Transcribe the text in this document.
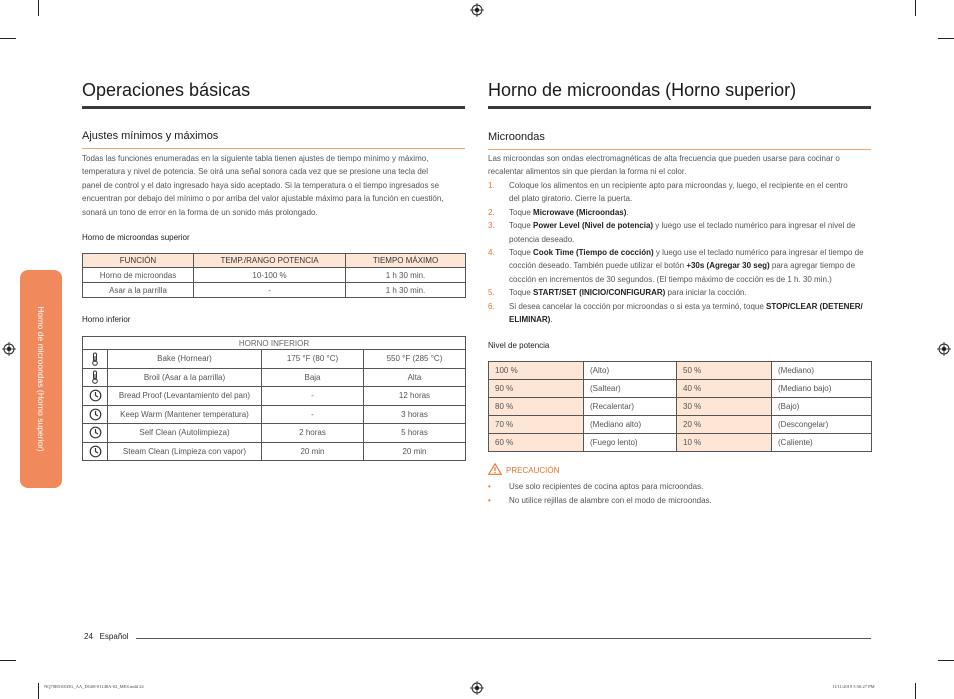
Horno de microondas (Horno superior)
Operaciones básicas
Ajustes mínimos y máximos
Todas las funciones enumeradas en la siguiente tabla tienen ajustes de tiempo mínimo y máximo,
temperatura y nivel de potencia. Se oirá una señal sonora cada vez que se presione una tecla del
panel de control y el dato ingresado haya sido aceptado. Si la temperatura o el tiempo ingresados se
encuentran por debajo del mínimo o por arriba del valor ajustable máximo para la función en cuestión,
sonará un tono de error en la forma de un sonido más prolongado.
Horno de microondas superior
FUNCIÓN	TEMP./RANGO POTENCIA	TIEMPO MÁXIMO
Horno de microondas	10-100 %	1 h 30 min.
Asar a la parrilla	-	1 h 30 min.
Horno inferior
HORNO INFERIOR			

	Bake (Hornear)	175 °F (80 °C)	550 °F (285 °C)

	Broil (Asar a la parrilla)	Baja	Alta

	Bread Proof (Levantamiento del pan)	-	12 horas

	Keep Warm (Mantener temperatura)	-	3 horas

	Self Clean (Autolimpieza)	2 horas	5 horas

	Steam Clean (Limpieza con vapor)	20 min	20 min
Horno de microondas (Horno superior)
Microondas
Las microondas son ondas electromagnéticas de alta frecuencia que pueden usarse para cocinar o
recalentar alimentos sin que pierdan la forma ni el color.
1. Coloque los alimentos en un recipiente apto para microondas y, luego, el recipiente en el centro
del plato giratorio. Cierre la puerta.
2. Toque Microwave (Microondas).
3. Toque Power Level (Nivel de potencia) y luego use el teclado numérico para ingresar el nivel de
potencia deseado.
4. Toque Cook Time (Tiempo de cocción) y luego use el teclado numérico para ingresar el tiempo de
cocción deseado. También puede utilizar el botón +30s (Agregar 30 seg) para agregar tiempo de
cocción en incrementos de 30 segundos. (El tiempo máximo de cocción es de 1 h. 30 min.)
5. Toque START/SET (INICIO/CONFIGURAR) para iniciar la cocción.
6. Si desea cancelar la cocción por microondas o si esta ya terminó, toque STOP/CLEAR (DETENER/
ELIMINAR).
Nivel de potencia
100 %	(Alto)	50 %	(Mediano)
90 %	(Saltear)	40 %	(Mediano bajo)
80 %	(Recalentar)	30 %	(Bajo)
70 %	(Mediano alto)	20 %	(Descongelar)
60 %	(Fuego lento)	10 %	(Caliente)
PRECAUCIÓN
• Use solo recipientes de cocina aptos para microondas.
• No utilice rejillas de alambre con el modo de microondas.
24 Español
NQ70R5301DG_AA_DG68-01148A-02_MES.indd 24	11/11/2019 5:56:27 PM
